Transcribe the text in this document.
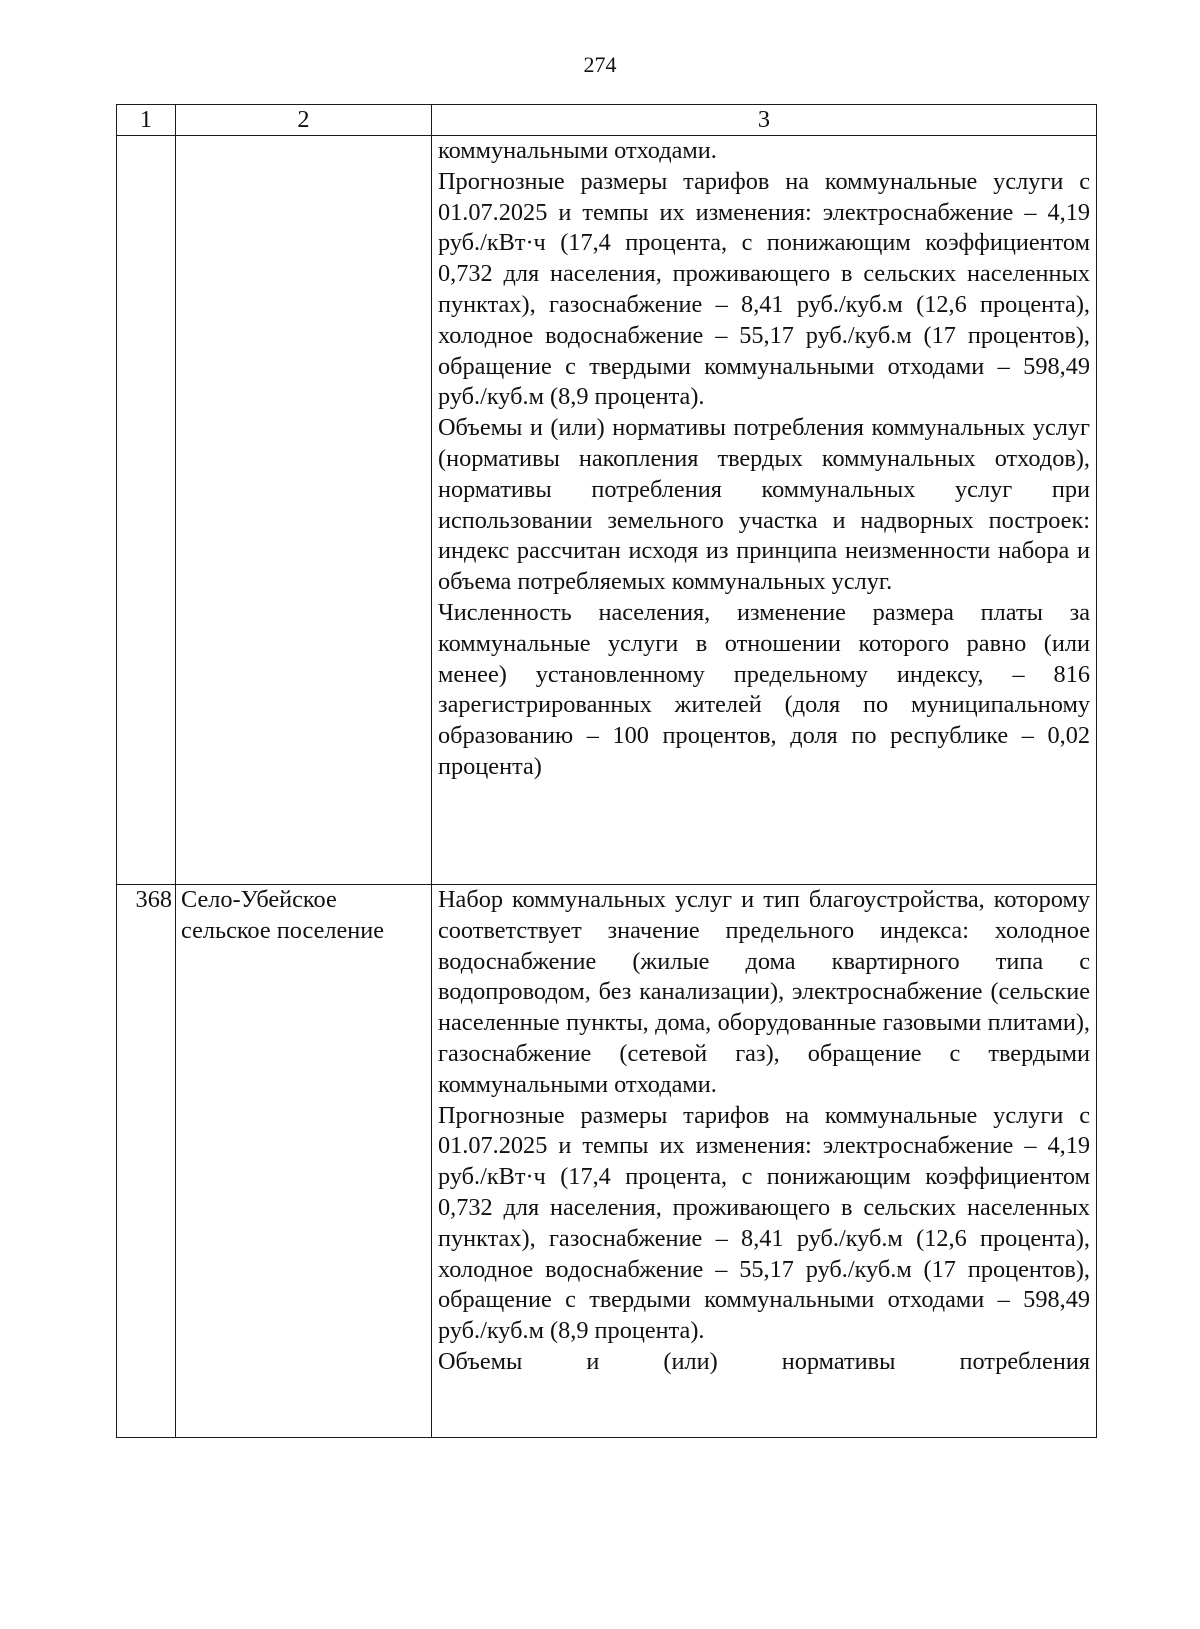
274
1	2	3

		коммунальными отходами.

Прогнозные размеры тарифов на коммунальные услуги с 01.07.2025 и темпы их изменения: электроснабжение – 4,19 руб./кВт·ч (17,4 процента, с понижающим коэффициентом 0,732 для населения, проживающего в сельских населенных пунктах), газоснабжение – 8,41 руб./куб.м (12,6 процента), холодное водоснабжение – 55,17 руб./куб.м (17 процентов), обращение с твердыми коммунальными отходами – 598,49 руб./куб.м (8,9 процента).

Объемы и (или) нормативы потребления коммунальных услуг (нормативы накопления твердых коммунальных отходов), нормативы потребления коммунальных услуг при использовании земельного участка и надворных построек: индекс рассчитан исходя из принципа неизменности набора и объема потребляемых коммунальных услуг.

Численность населения, изменение размера платы за коммунальные услуги в отношении которого равно (или менее) установленному предельному индексу, – 816 зарегистрированных жителей (доля по муниципальному образованию – 100 процентов, доля по республике – 0,02 процента)

368	Село-Убейское сельское поселение	Набор коммунальных услуг и тип благоустройства, которому соответствует значение предельного индекса: холодное водоснабжение (жилые дома квартирного типа с водопроводом, без канализации), электроснабжение (сельские населенные пункты, дома, оборудованные газовыми плитами), газоснабжение (сетевой газ), обращение с твердыми коммунальными отходами.

Прогнозные размеры тарифов на коммунальные услуги с 01.07.2025 и темпы их изменения: электроснабжение – 4,19 руб./кВт·ч (17,4 процента, с понижающим коэффициентом 0,732 для населения, проживающего в сельских населенных пунктах), газоснабжение – 8,41 руб./куб.м (12,6 процента), холодное водоснабжение – 55,17 руб./куб.м (17 процентов), обращение с твердыми коммунальными отходами – 598,49 руб./куб.м (8,9 процента).

Объемы и (или) нормативы потребления
